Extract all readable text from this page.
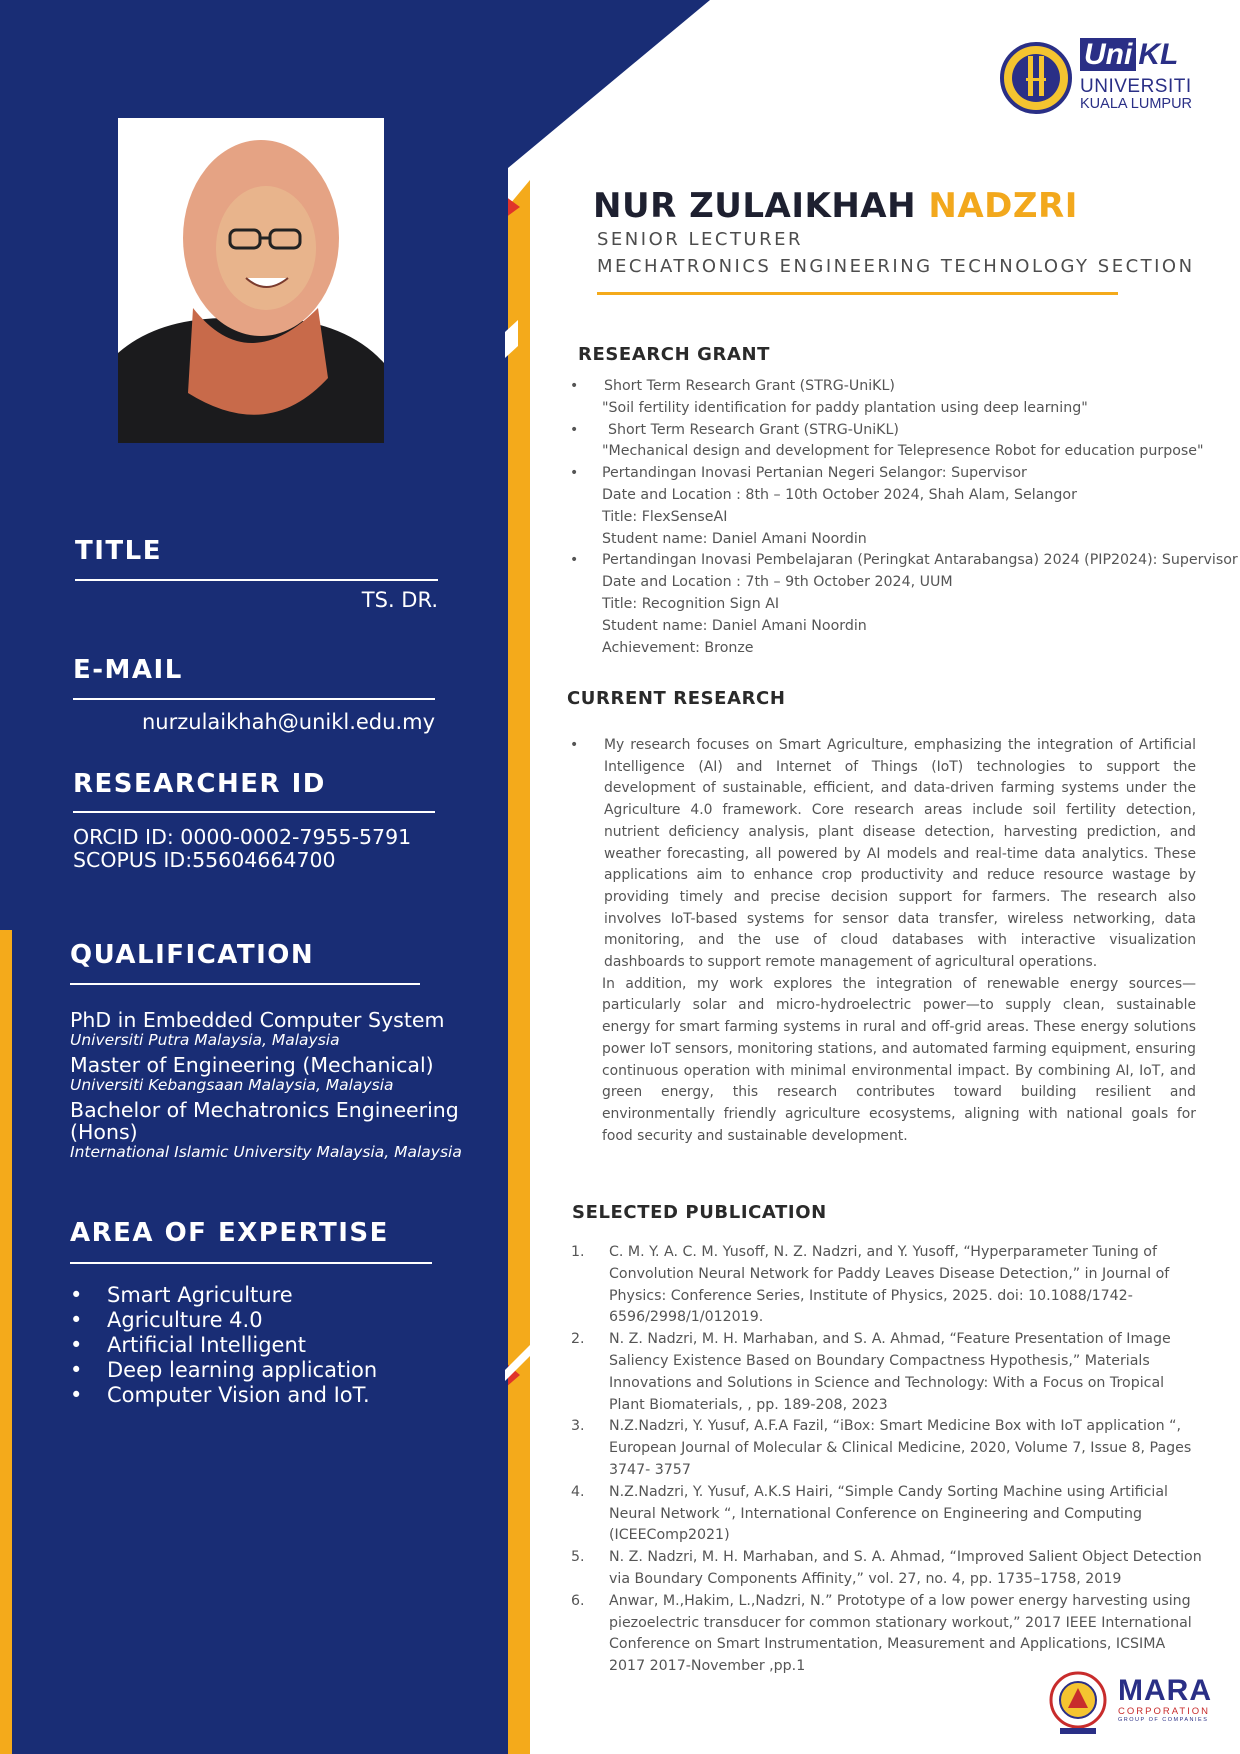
Uni KL
UNIVERSITI
KUALA LUMPUR
NUR ZULAIKHAH NADZRI
SENIOR LECTURER
MECHATRONICS ENGINEERING TECHNOLOGY SECTION
TITLE
TS. DR.
E-MAIL
nurzulaikhah@unikl.edu.my
RESEARCHER ID
ORCID ID: 0000-0002-7955-5791
SCOPUS ID:55604664700
QUALIFICATION
PhD in Embedded Computer System
Universiti Putra Malaysia, Malaysia
Master of Engineering (Mechanical)
Universiti Kebangsaan Malaysia, Malaysia
Bachelor of Mechatronics Engineering (Hons)
International Islamic University Malaysia, Malaysia
AREA OF EXPERTISE
• Smart Agriculture
• Agriculture 4.0
• Artificial Intelligent
• Deep learning application
• Computer Vision and IoT.
RESEARCH GRANT
• Short Term Research Grant (STRG-UniKL)
"Soil fertility identification for paddy plantation using deep learning"
•	Short Term Research Grant (STRG-UniKL)
"Mechanical design and development for Telepresence Robot for education purpose"
• Pertandingan Inovasi Pertanian Negeri Selangor: Supervisor
Date and Location : 8th – 10th October 2024, Shah Alam, Selangor
Title: FlexSenseAI
Student name: Daniel Amani Noordin
• Pertandingan Inovasi Pembelajaran (Peringkat Antarabangsa) 2024 (PIP2024): Supervisor
Date and Location : 7th – 9th October 2024, UUM
Title: Recognition Sign AI
Student name: Daniel Amani Noordin
Achievement: Bronze
CURRENT RESEARCH
• My research focuses on Smart Agriculture, emphasizing the integration of Artificial Intelligence (AI) and Internet of Things (IoT) technologies to support the development of sustainable, efficient, and data-driven farming systems under the Agriculture 4.0 framework. Core research areas include soil fertility detection, nutrient deficiency analysis, plant disease detection, harvesting prediction, and weather forecasting, all powered by AI models and real-time data analytics. These applications aim to enhance crop productivity and reduce resource wastage by providing timely and precise decision support for farmers. The research also involves IoT-based systems for sensor data transfer, wireless networking, data monitoring, and the use of cloud databases with interactive visualization dashboards to support remote management of agricultural operations.

In addition, my work explores the integration of renewable energy sources—particularly solar and micro-hydroelectric power—to supply clean, sustainable energy for smart farming systems in rural and off-grid areas. These energy solutions power IoT sensors, monitoring stations, and automated farming equipment, ensuring continuous operation with minimal environmental impact. By combining AI, IoT, and green energy, this research contributes toward building resilient and environmentally friendly agriculture ecosystems, aligning with national goals for food security and sustainable development.

SELECTED PUBLICATION
1. C. M. Y. A. C. M. Yusoff, N. Z. Nadzri, and Y. Yusoff, “Hyperparameter Tuning of Convolution Neural Network for Paddy Leaves Disease Detection,” in Journal of Physics: Conference Series, Institute of Physics, 2025. doi: 10.1088/1742-6596/2998/1/012019.
2. N. Z. Nadzri, M. H. Marhaban, and S. A. Ahmad, “Feature Presentation of Image Saliency Existence Based on Boundary Compactness Hypothesis,” Materials Innovations and Solutions in Science and Technology: With a Focus on Tropical Plant Biomaterials, , pp. 189-208, 2023
3. N.Z.Nadzri, Y. Yusuf, A.F.A Fazil, “iBox: Smart Medicine Box with IoT application “, European Journal of Molecular & Clinical Medicine, 2020, Volume 7, Issue 8, Pages 3747- 3757
4. N.Z.Nadzri, Y. Yusuf, A.K.S Hairi, “Simple Candy Sorting Machine using Artificial Neural Network “, International Conference on Engineering and Computing (ICEEComp2021)
5. N. Z. Nadzri, M. H. Marhaban, and S. A. Ahmad, “Improved Salient Object Detection via Boundary Components Affinity,” vol. 27, no. 4, pp. 1735–1758, 2019
6. Anwar, M.,Hakim, L.,Nadzri, N.” Prototype of a low power energy harvesting using piezoelectric transducer for common stationary workout,” 2017 IEEE International Conference on Smart Instrumentation, Measurement and Applications, ICSIMA 2017 2017-November ,pp.1
MARA
CORPORATION
GROUP OF COMPANIES
